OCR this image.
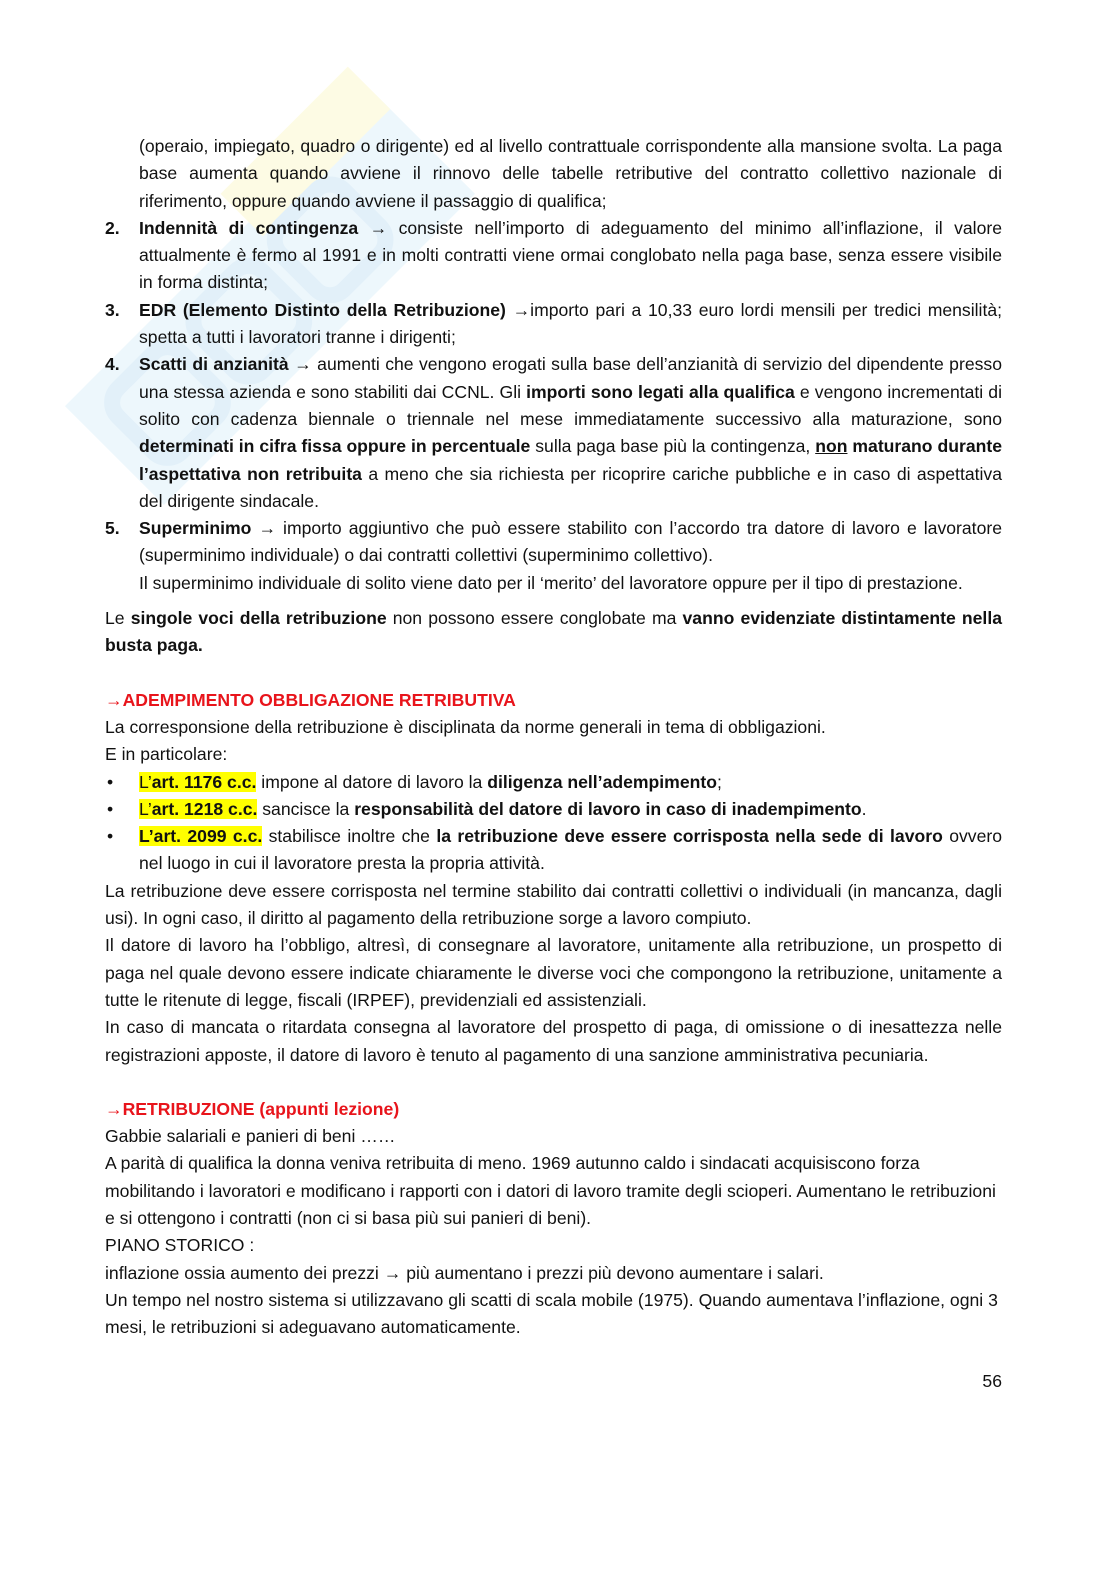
(operaio, impiegato, quadro o dirigente) ed al livello contrattuale corrispondente alla mansione svolta. La paga base aumenta quando avviene il rinnovo delle tabelle retributive del contratto collettivo nazionale di riferimento, oppure quando avviene il passaggio di qualifica;
2. Indennità di contingenza → consiste nell’importo di adeguamento del minimo all’inflazione, il valore attualmente è fermo al 1991 e in molti contratti viene ormai conglobato nella paga base, senza essere visibile in forma distinta;
3. EDR (Elemento Distinto della Retribuzione) →importo pari a 10,33 euro lordi mensili per tredici mensilità; spetta a tutti i lavoratori tranne i dirigenti;
4. Scatti di anzianità → aumenti che vengono erogati sulla base dell’anzianità di servizio del dipendente presso una stessa azienda e sono stabiliti dai CCNL. Gli importi sono legati alla qualifica e vengono incrementati di solito con cadenza biennale o triennale nel mese immediatamente successivo alla maturazione, sono determinati in cifra fissa oppure in percentuale sulla paga base più la contingenza, non maturano durante l’aspettativa non retribuita a meno che sia richiesta per ricoprire cariche pubbliche e in caso di aspettativa del dirigente sindacale.
5. Superminimo → importo aggiuntivo che può essere stabilito con l’accordo tra datore di lavoro e lavoratore (superminimo individuale) o dai contratti collettivi (superminimo collettivo).
Il superminimo individuale di solito viene dato per il ‘merito’ del lavoratore oppure per il tipo di prestazione.

Le singole voci della retribuzione non possono essere conglobate ma vanno evidenziate distintamente nella busta paga.

→ADEMPIMENTO OBBLIGAZIONE RETRIBUTIVA

La corresponsione della retribuzione è disciplinata da norme generali in tema di obbligazioni.

E in particolare:

• L’art. 1176 c.c. impone al datore di lavoro la diligenza nell’adempimento;
• L’art. 1218 c.c. sancisce la responsabilità del datore di lavoro in caso di inadempimento.
• L’art. 2099 c.c. stabilisce inoltre che la retribuzione deve essere corrisposta nella sede di lavoro ovvero nel luogo in cui il lavoratore presta la propria attività.

La retribuzione deve essere corrisposta nel termine stabilito dai contratti collettivi o individuali (in mancanza, dagli usi). In ogni caso, il diritto al pagamento della retribuzione sorge a lavoro compiuto.

Il datore di lavoro ha l’obbligo, altresì, di consegnare al lavoratore, unitamente alla retribuzione, un prospetto di paga nel quale devono essere indicate chiaramente le diverse voci che compongono la retribuzione, unitamente a tutte le ritenute di legge, fiscali (IRPEF), previdenziali ed assistenziali.

In caso di mancata o ritardata consegna al lavoratore del prospetto di paga, di omissione o di inesattezza nelle registrazioni apposte, il datore di lavoro è tenuto al pagamento di una sanzione amministrativa pecuniaria.

→RETRIBUZIONE (appunti lezione)

Gabbie salariali e panieri di beni ……

A parità di qualifica la donna veniva retribuita di meno. 1969 autunno caldo i sindacati acquisiscono forza mobilitando i lavoratori e modificano i rapporti con i datori di lavoro tramite degli scioperi. Aumentano le retribuzioni e si ottengono i contratti (non ci si basa più sui panieri di beni).

PIANO STORICO :

inflazione ossia aumento dei prezzi → più aumentano i prezzi più devono aumentare i salari.

Un tempo nel nostro sistema si utilizzavano gli scatti di scala mobile (1975). Quando aumentava l’inflazione, ogni 3 mesi, le retribuzioni si adeguavano automaticamente.

56
